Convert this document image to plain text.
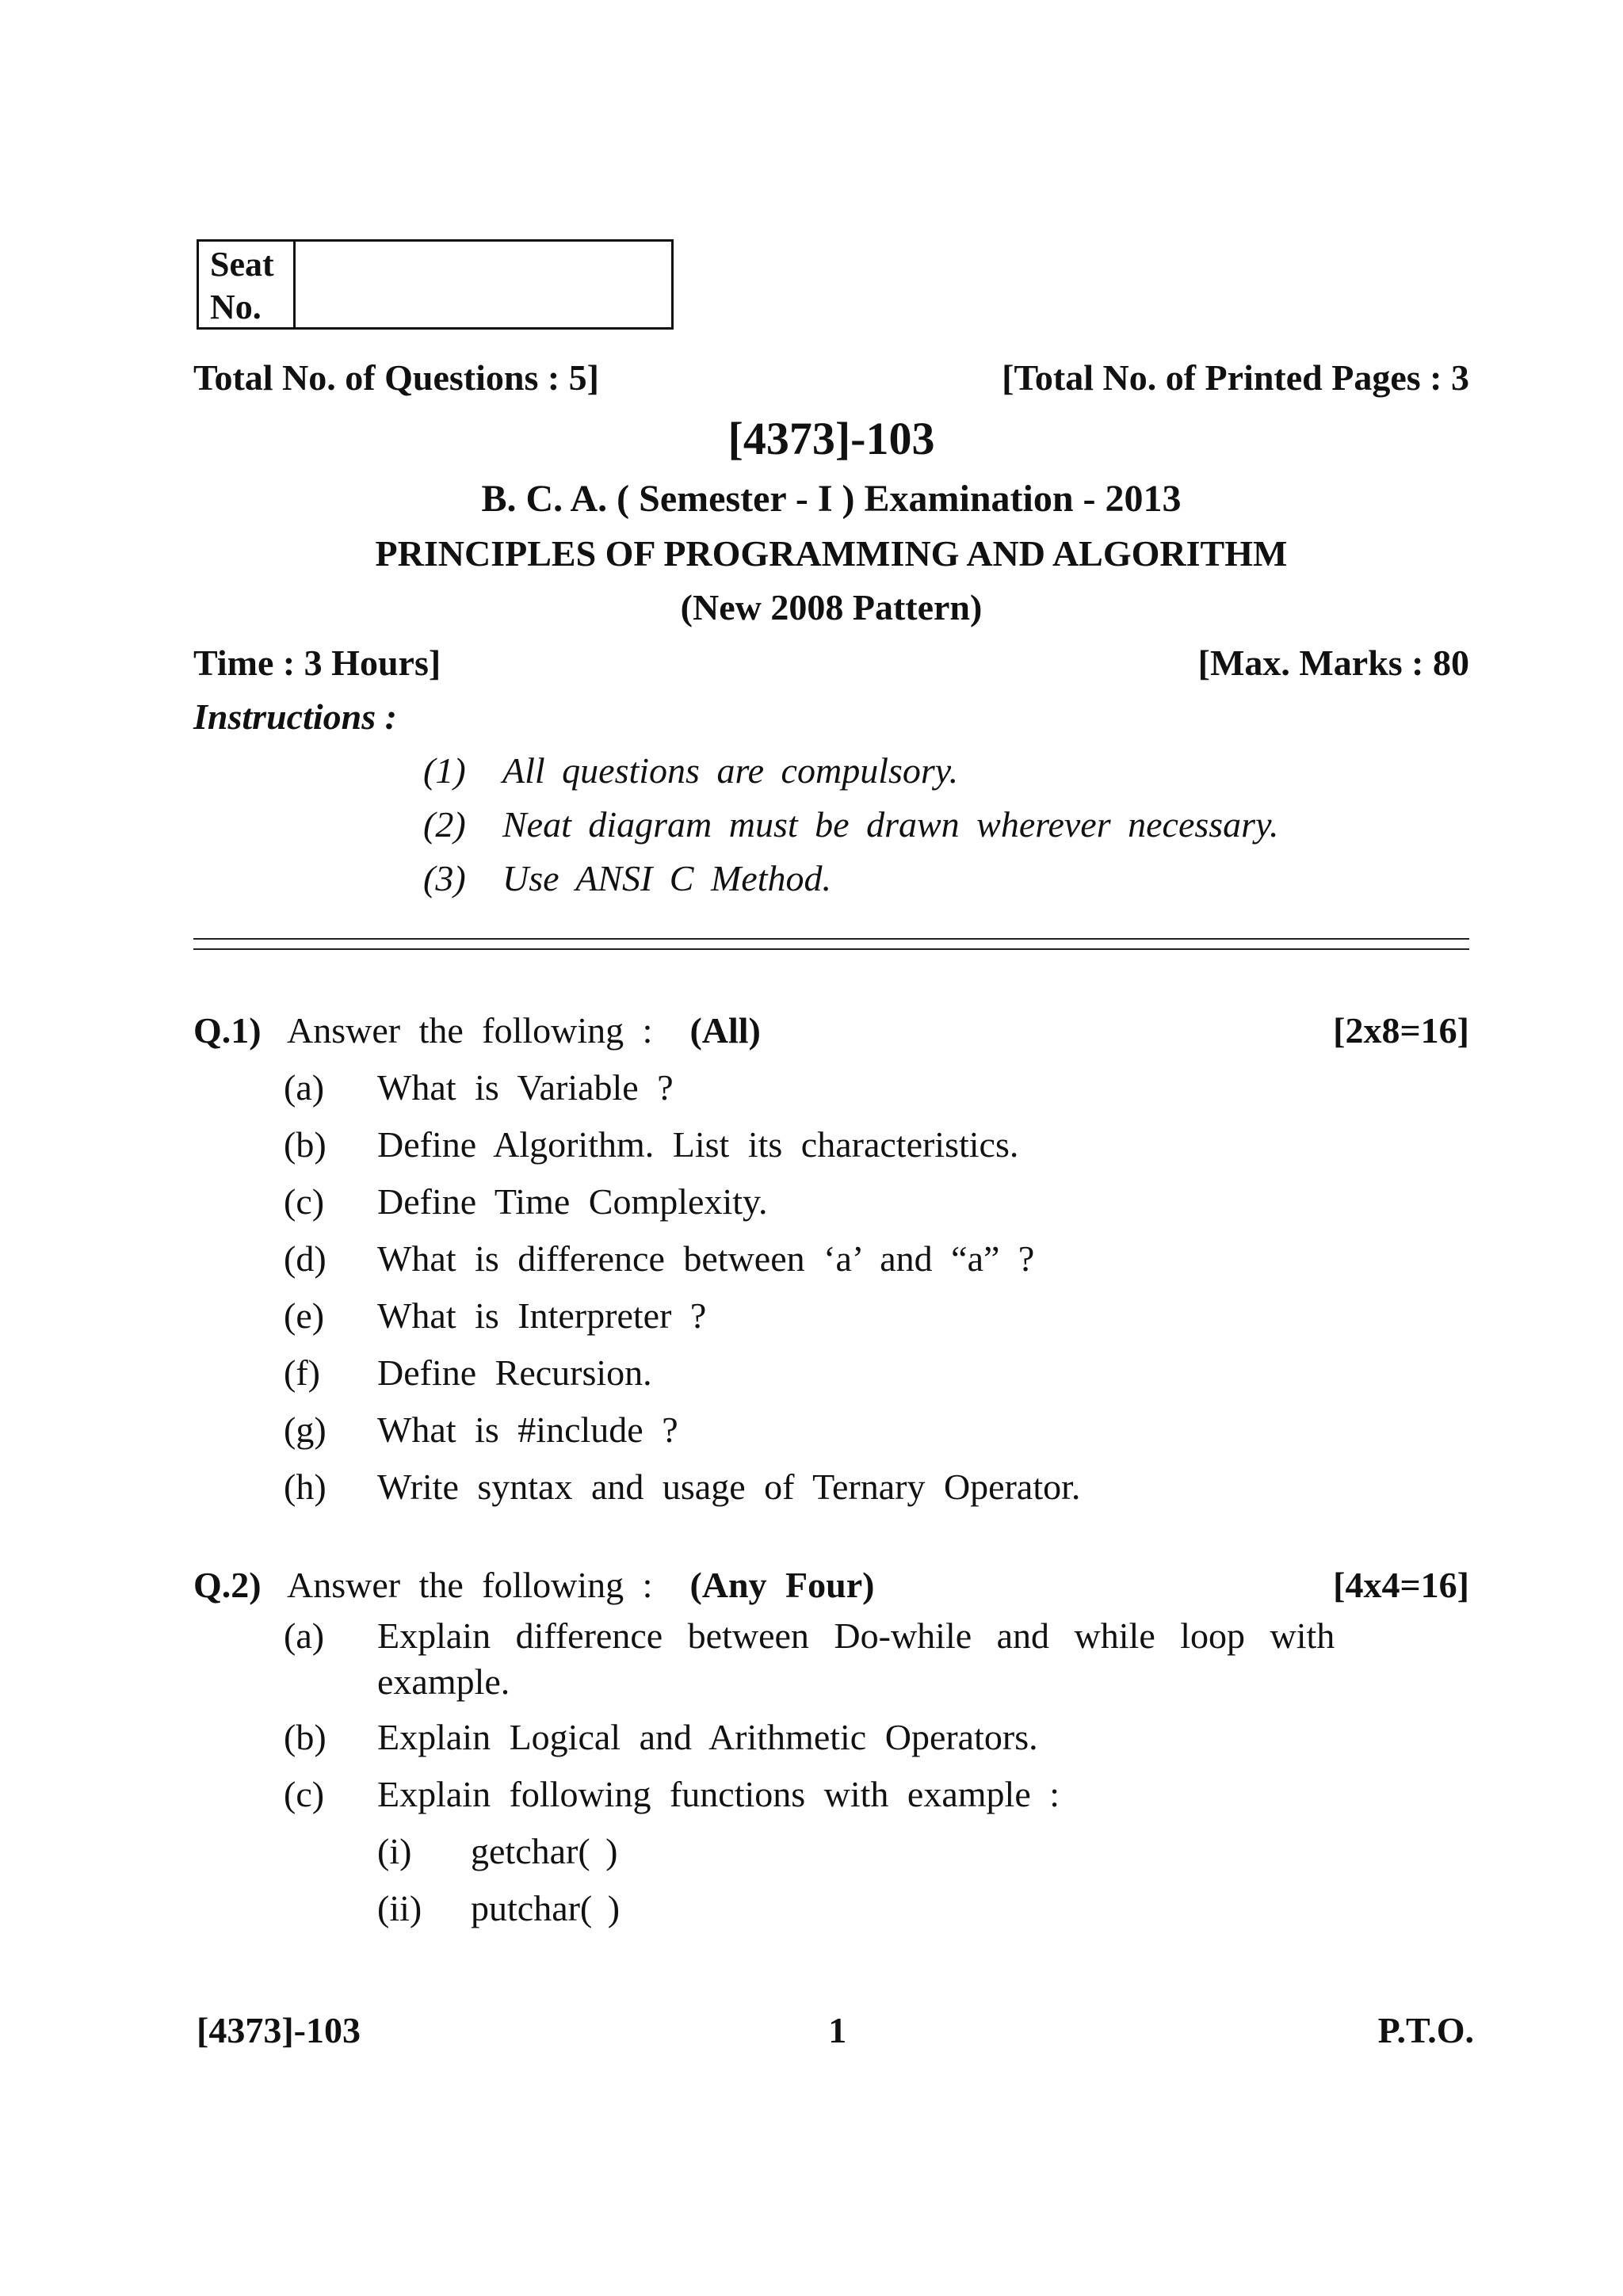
Seat
No.
Total No. of Questions : 5]	[Total No. of Printed Pages : 3
[4373]-103
B. C. A. ( Semester - I ) Examination - 2013
PRINCIPLES OF PROGRAMMING AND ALGORITHM
(New 2008 Pattern)
Time : 3 Hours]	[Max. Marks : 80
Instructions :
(1) All questions are compulsory.
(2) Neat diagram must be drawn wherever necessary.
(3) Use ANSI C Method.
Q.1) Answer the following : (All)	[2x8=16]
(a) What is Variable ?
(b) Define Algorithm. List its characteristics.
(c) Define Time Complexity.
(d) What is difference between ‘a’ and “a” ?
(e) What is Interpreter ?
(f) Define Recursion.
(g) What is #include ?
(h) Write syntax and usage of Ternary Operator.
Q.2) Answer the following : (Any Four)	[4x4=16]
(a) Explain difference between Do-while and while loop with
example.
(b) Explain Logical and Arithmetic Operators.
(c) Explain following functions with example :
(i) getchar( )
(ii) putchar( )
[4373]-103	1	P.T.O.
